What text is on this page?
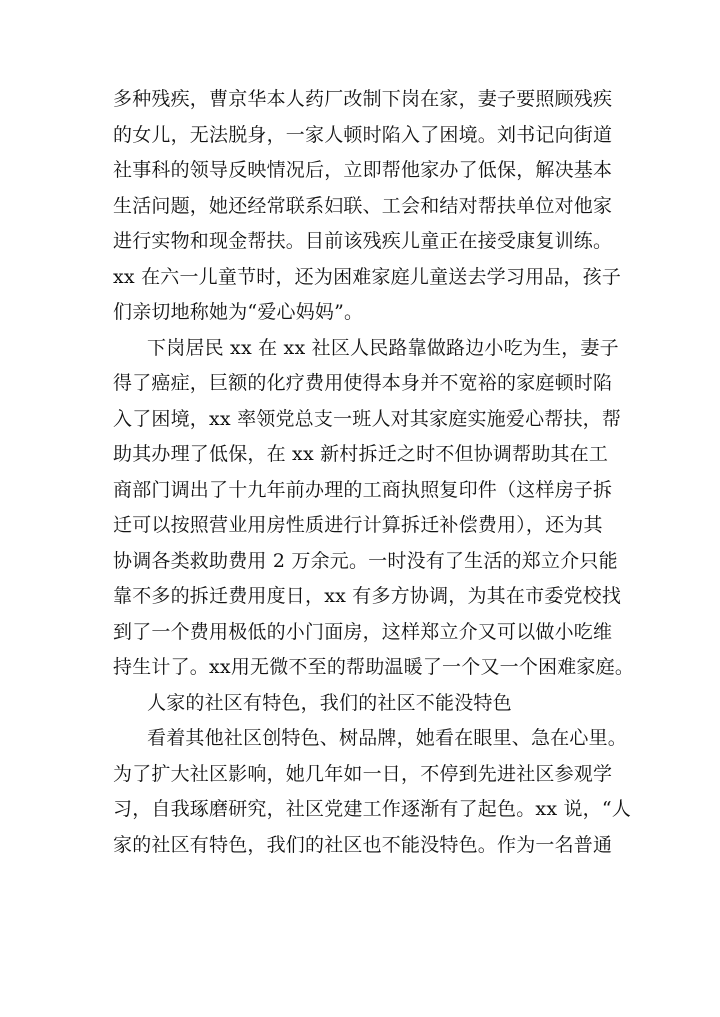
多种残疾，曹京华本人药厂改制下岗在家，妻子要照顾残疾
的女儿，无法脱身，一家人顿时陷入了困境。刘书记向街道
社事科的领导反映情况后，立即帮他家办了低保，解决基本
生活问题，她还经常联系妇联、工会和结对帮扶单位对他家
进行实物和现金帮扶。目前该残疾儿童正在接受康复训练。
xx 在六一儿童节时，还为困难家庭儿童送去学习用品，孩子
们亲切地称她为“爱心妈妈”。
下岗居民 xx 在 xx 社区人民路靠做路边小吃为生，妻子
得了癌症，巨额的化疗费用使得本身并不宽裕的家庭顿时陷
入了困境，xx 率领党总支一班人对其家庭实施爱心帮扶，帮
助其办理了低保，在 xx 新村拆迁之时不但协调帮助其在工
商部门调出了十九年前办理的工商执照复印件（这样房子拆
迁可以按照营业用房性质进行计算拆迁补偿费用），还为其
协调各类救助费用 2 万余元。一时没有了生活的郑立介只能
靠不多的拆迁费用度日，xx 有多方协调，为其在市委党校找
到了一个费用极低的小门面房，这样郑立介又可以做小吃维
持生计了。xx用无微不至的帮助温暖了一个又一个困难家庭。
人家的社区有特色，我们的社区不能没特色
看着其他社区创特色、树品牌，她看在眼里、急在心里。
为了扩大社区影响，她几年如一日，不停到先进社区参观学
习，自我琢磨研究，社区党建工作逐渐有了起色。xx 说，“人
家的社区有特色，我们的社区也不能没特色。作为一名普通
